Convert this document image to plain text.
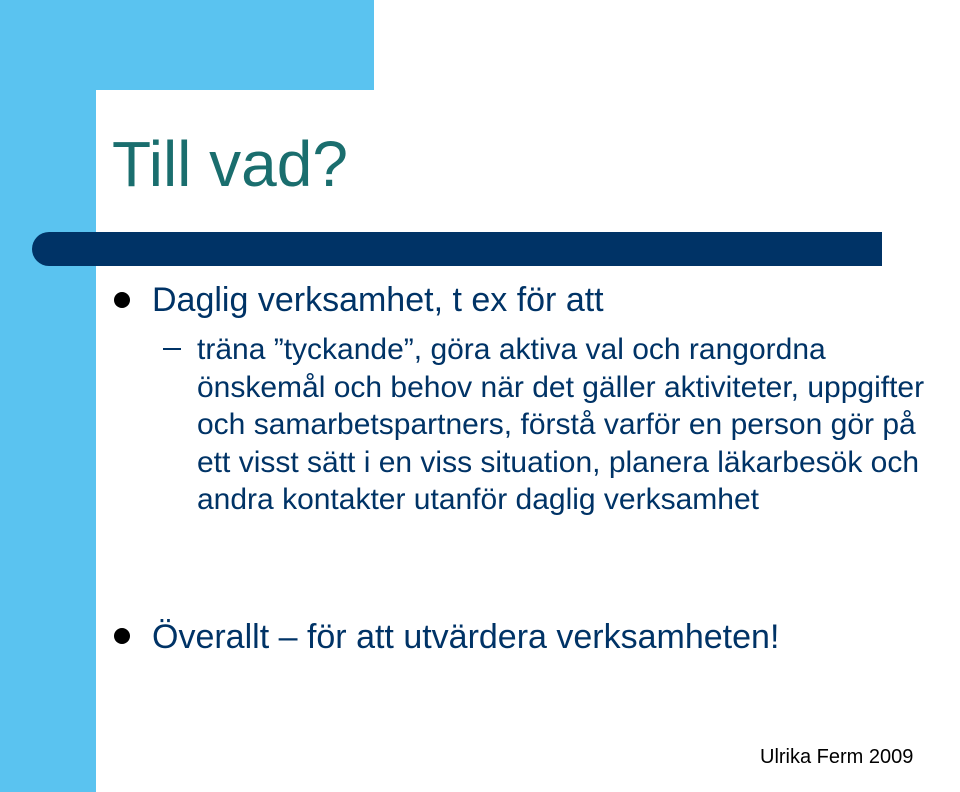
Till vad?

Daglig verksamhet, t ex för att

träna ”tyckande”, göra aktiva val och rangordna önskemål och behov när det gäller aktiviteter, uppgifter och samarbetspartners, förstå varför en person gör på ett visst sätt i en viss situation, planera läkarbesök och andra kontakter utanför daglig verksamhet

Överallt – för att utvärdera verksamheten!

Ulrika Ferm 2009
